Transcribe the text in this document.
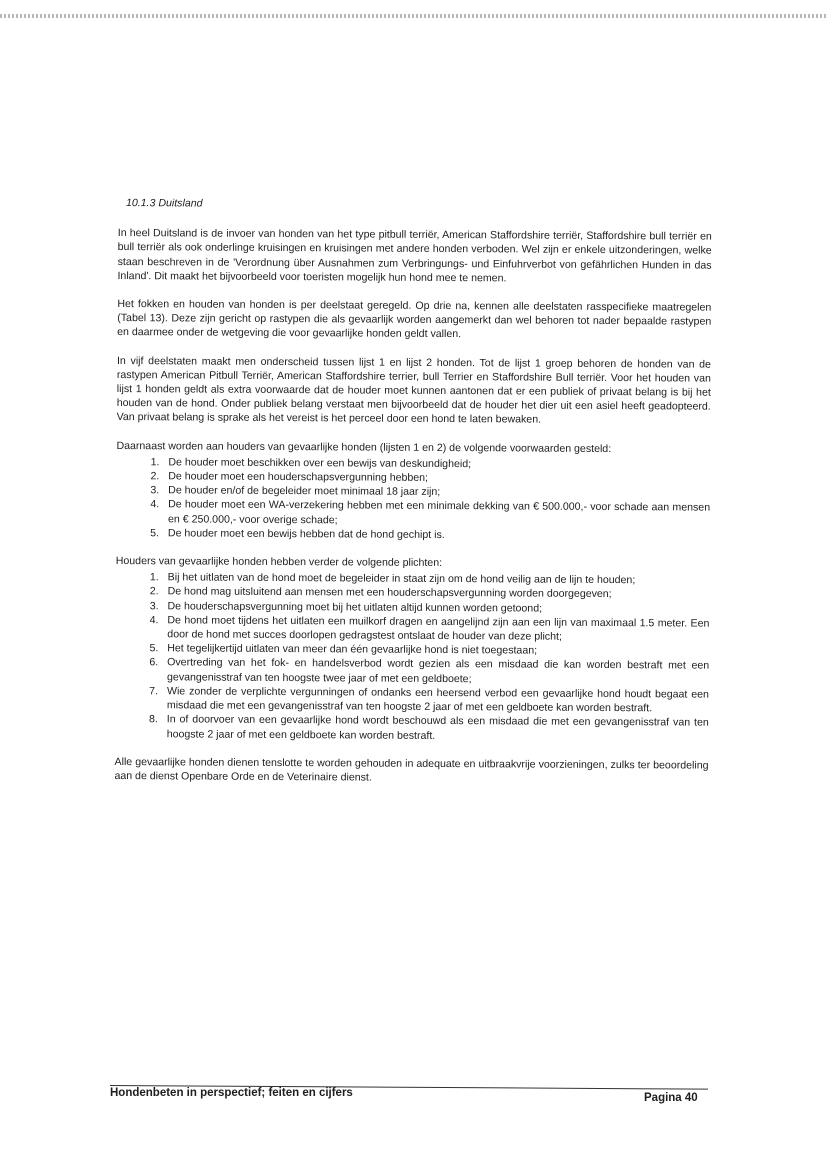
10.1.3 Duitsland

In heel Duitsland is de invoer van honden van het type pitbull terriër, American Staffordshire terriër, Staffordshire bull terriër en bull terriër als ook onderlinge kruisingen en kruisingen met andere honden verboden. Wel zijn er enkele uitzonderingen, welke staan beschreven in de 'Verordnung über Ausnahmen zum Verbringungs- und Einfuhrverbot von gefährlichen Hunden in das Inland'. Dit maakt het bijvoorbeeld voor toeristen mogelijk hun hond mee te nemen.

Het fokken en houden van honden is per deelstaat geregeld. Op drie na, kennen alle deelstaten rasspecifieke maatregelen (Tabel 13). Deze zijn gericht op rastypen die als gevaarlijk worden aangemerkt dan wel behoren tot nader bepaalde rastypen en daarmee onder de wetgeving die voor gevaarlijke honden geldt vallen.

In vijf deelstaten maakt men onderscheid tussen lijst 1 en lijst 2 honden. Tot de lijst 1 groep behoren de honden van de rastypen American Pitbull Terriër, American Staffordshire terrier, bull Terrier en Staffordshire Bull terriër. Voor het houden van lijst 1 honden geldt als extra voorwaarde dat de houder moet kunnen aantonen dat er een publiek of privaat belang is bij het houden van de hond. Onder publiek belang verstaat men bijvoorbeeld dat de houder het dier uit een asiel heeft geadopteerd. Van privaat belang is sprake als het vereist is het perceel door een hond te laten bewaken.

Daarnaast worden aan houders van gevaarlijke honden (lijsten 1 en 2) de volgende voorwaarden gesteld:

1. De houder moet beschikken over een bewijs van deskundigheid;
2. De houder moet een houderschapsvergunning hebben;
3. De houder en/of de begeleider moet minimaal 18 jaar zijn;
4. De houder moet een WA-verzekering hebben met een minimale dekking van € 500.000,- voor schade aan mensen en € 250.000,- voor overige schade;
5. De houder moet een bewijs hebben dat de hond gechipt is.

Houders van gevaarlijke honden hebben verder de volgende plichten:

1. Bij het uitlaten van de hond moet de begeleider in staat zijn om de hond veilig aan de lijn te houden;
2. De hond mag uitsluitend aan mensen met een houderschapsvergunning worden doorgegeven;
3. De houderschapsvergunning moet bij het uitlaten altijd kunnen worden getoond;
4. De hond moet tijdens het uitlaten een muilkorf dragen en aangelijnd zijn aan een lijn van maximaal 1.5 meter. Een door de hond met succes doorlopen gedragstest ontslaat de houder van deze plicht;
5. Het tegelijkertijd uitlaten van meer dan één gevaarlijke hond is niet toegestaan;
6. Overtreding van het fok- en handelsverbod wordt gezien als een misdaad die kan worden bestraft met een gevangenisstraf van ten hoogste twee jaar of met een geldboete;
7. Wie zonder de verplichte vergunningen of ondanks een heersend verbod een gevaarlijke hond houdt begaat een misdaad die met een gevangenisstraf van ten hoogste 2 jaar of met een geldboete kan worden bestraft.
8. In of doorvoer van een gevaarlijke hond wordt beschouwd als een misdaad die met een gevangenisstraf van ten hoogste 2 jaar of met een geldboete kan worden bestraft.

Alle gevaarlijke honden dienen tenslotte te worden gehouden in adequate en uitbraakvrije voorzieningen, zulks ter beoordeling aan de dienst Openbare Orde en de Veterinaire dienst.

Hondenbeten in perspectief; feiten en cijfers	Pagina 40
